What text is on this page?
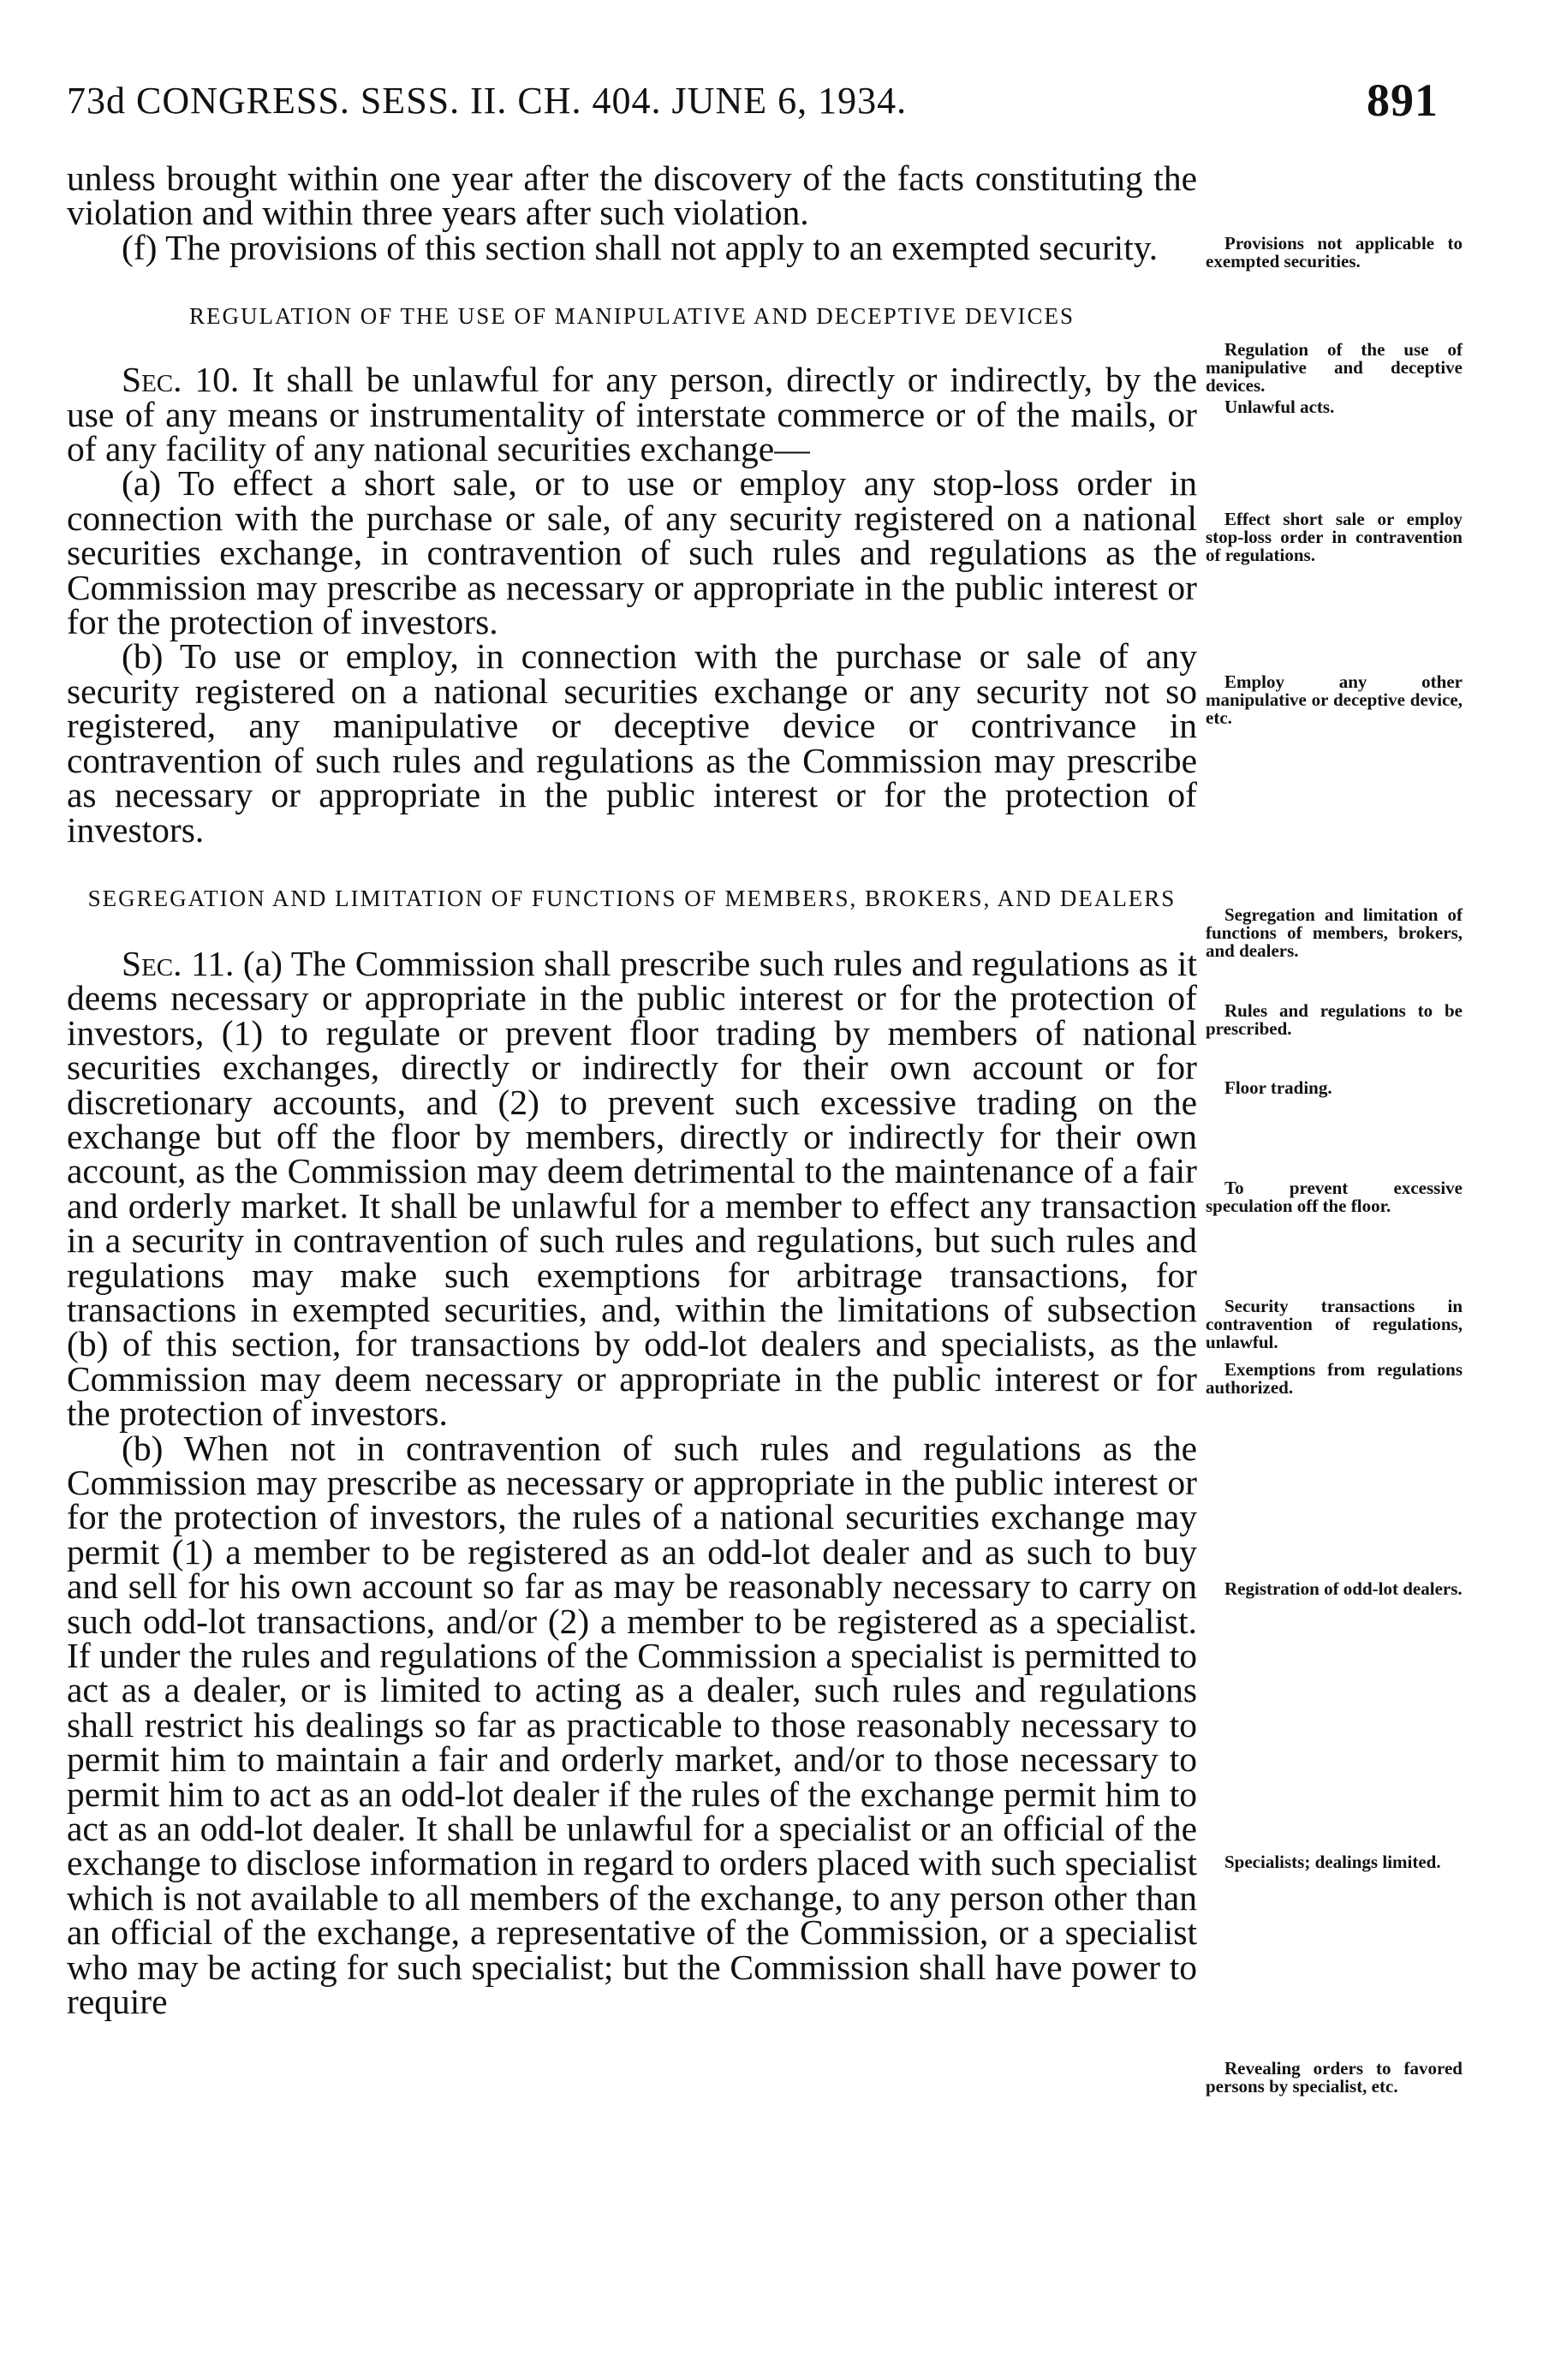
73d CONGRESS. SESS. II. CH. 404. JUNE 6, 1934.	891

unless brought within one year after the discovery of the facts constituting the violation and within three years after such violation.

(f) The provisions of this section shall not apply to an exempted security.

REGULATION OF THE USE OF MANIPULATIVE AND DECEPTIVE DEVICES

Sec. 10. It shall be unlawful for any person, directly or indirectly, by the use of any means or instrumentality of interstate commerce or of the mails, or of any facility of any national securities exchange—

(a) To effect a short sale, or to use or employ any stop-loss order in connection with the purchase or sale, of any security registered on a national securities exchange, in contravention of such rules and regulations as the Commission may prescribe as necessary or appropriate in the public interest or for the protection of investors.

(b) To use or employ, in connection with the purchase or sale of any security registered on a national securities exchange or any security not so registered, any manipulative or deceptive device or contrivance in contravention of such rules and regulations as the Commission may prescribe as necessary or appropriate in the public interest or for the protection of investors.

SEGREGATION AND LIMITATION OF FUNCTIONS OF MEMBERS, BROKERS, AND DEALERS

Sec. 11. (a) The Commission shall prescribe such rules and regulations as it deems necessary or appropriate in the public interest or for the protection of investors, (1) to regulate or prevent floor trading by members of national securities exchanges, directly or indirectly for their own account or for discretionary accounts, and (2) to prevent such excessive trading on the exchange but off the floor by members, directly or indirectly for their own account, as the Commission may deem detrimental to the maintenance of a fair and orderly market. It shall be unlawful for a member to effect any transaction in a security in contravention of such rules and regulations, but such rules and regulations may make such exemptions for arbitrage transactions, for transactions in exempted securities, and, within the limitations of subsection (b) of this section, for transactions by odd-lot dealers and specialists, as the Commission may deem necessary or appropriate in the public interest or for the protection of investors.

(b) When not in contravention of such rules and regulations as the Commission may prescribe as necessary or appropriate in the public interest or for the protection of investors, the rules of a national securities exchange may permit (1) a member to be registered as an odd-lot dealer and as such to buy and sell for his own account so far as may be reasonably necessary to carry on such odd-lot transactions, and/or (2) a member to be registered as a specialist. If under the rules and regulations of the Commission a specialist is permitted to act as a dealer, or is limited to acting as a dealer, such rules and regulations shall restrict his dealings so far as practicable to those reasonably necessary to permit him to maintain a fair and orderly market, and/or to those necessary to permit him to act as an odd-lot dealer if the rules of the exchange permit him to act as an odd-lot dealer. It shall be unlawful for a specialist or an official of the exchange to disclose information in regard to orders placed with such specialist which is not available to all members of the exchange, to any person other than an official of the exchange, a representative of the Commission, or a specialist who may be acting for such specialist; but the Commission shall have power to require

Provisions not applicable to exempted securities.
Regulation of the use of manipulative and deceptive devices.
Unlawful acts.
Effect short sale or employ stop-loss order in contravention of regulations.
Employ any other manipulative or deceptive device, etc.
Segregation and limitation of functions of members, brokers, and dealers.
Rules and regulations to be prescribed.
Floor trading.
To prevent excessive speculation off the floor.
Security transactions in contravention of regulations, unlawful.
Exemptions from regulations authorized.
Registration of odd-lot dealers.
Specialists; dealings limited.
Revealing orders to favored persons by specialist, etc.
